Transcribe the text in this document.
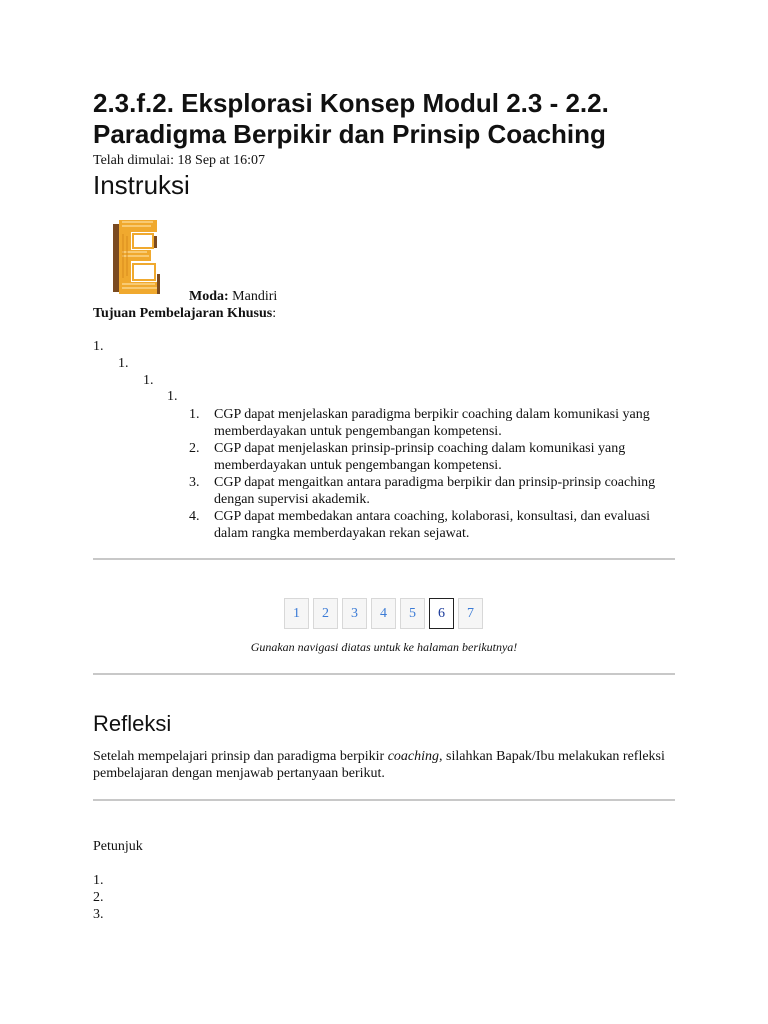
2.3.f.2. Eksplorasi Konsep Modul 2.3 - 2.2. Paradigma Berpikir dan Prinsip Coaching
Telah dimulai: 18 Sep at 16:07
Instruksi
Moda: Mandiri
Tujuan Pembelajaran Khusus:
1.
1.
1.
1.
1.	CGP dapat menjelaskan paradigma berpikir coaching dalam komunikasi yang memberdayakan untuk pengembangan kompetensi.
2.	CGP dapat menjelaskan prinsip-prinsip coaching dalam komunikasi yang memberdayakan untuk pengembangan kompetensi.
3.	CGP dapat mengaitkan antara paradigma berpikir dan prinsip-prinsip coaching dengan supervisi akademik.
4.	CGP dapat membedakan antara coaching, kolaborasi, konsultasi, dan evaluasi dalam rangka memberdayakan rekan sejawat.
1	2	3	4	5	6	7
Gunakan navigasi diatas untuk ke halaman berikutnya!
Refleksi
Setelah mempelajari prinsip dan paradigma berpikir coaching, silahkan Bapak/Ibu melakukan refleksi pembelajaran dengan menjawab pertanyaan berikut.
Petunjuk
1.
2.
3.
